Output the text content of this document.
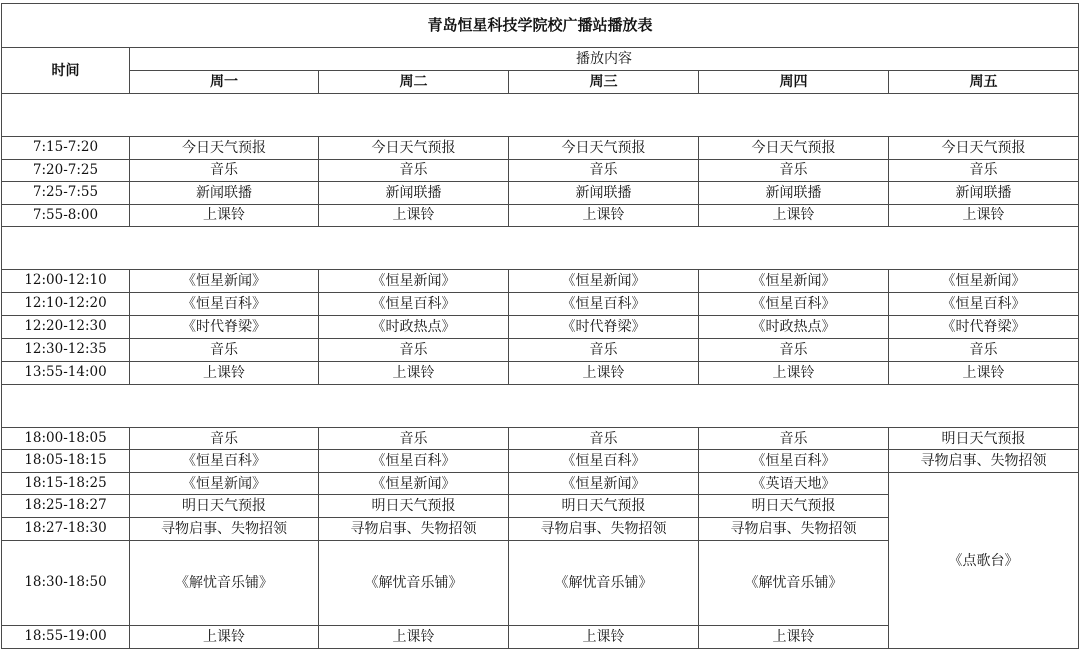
青岛恒星科技学院校广播站播放表					
时间	播放内容				
	周一	周二	周三	周四	周五

7:15-7:20	今日天气预报	今日天气预报	今日天气预报	今日天气预报	今日天气预报
7:20-7:25	音乐	音乐	音乐	音乐	音乐
7:25-7:55	新闻联播	新闻联播	新闻联播	新闻联播	新闻联播
7:55-8:00	上课铃	上课铃	上课铃	上课铃	上课铃

12:00-12:10	《恒星新闻》	《恒星新闻》	《恒星新闻》	《恒星新闻》	《恒星新闻》
12:10-12:20	《恒星百科》	《恒星百科》	《恒星百科》	《恒星百科》	《恒星百科》
12:20-12:30	《时代脊梁》	《时政热点》	《时代脊梁》	《时政热点》	《时代脊梁》
12:30-12:35	音乐	音乐	音乐	音乐	音乐
13:55-14:00	上课铃	上课铃	上课铃	上课铃	上课铃

18:00-18:05	音乐	音乐	音乐	音乐	明日天气预报
18:05-18:15	《恒星百科》	《恒星百科》	《恒星百科》	《恒星百科》	寻物启事、失物招领
18:15-18:25	《恒星新闻》	《恒星新闻》	《恒星新闻》	《英语天地》	《点歌台》
18:25-18:27	明日天气预报	明日天气预报	明日天气预报	明日天气预报	
18:27-18:30	寻物启事、失物招领	寻物启事、失物招领	寻物启事、失物招领	寻物启事、失物招领	
18:30-18:50	《解忧音乐铺》	《解忧音乐铺》	《解忧音乐铺》	《解忧音乐铺》	
18:55-19:00	上课铃	上课铃	上课铃	上课铃	
